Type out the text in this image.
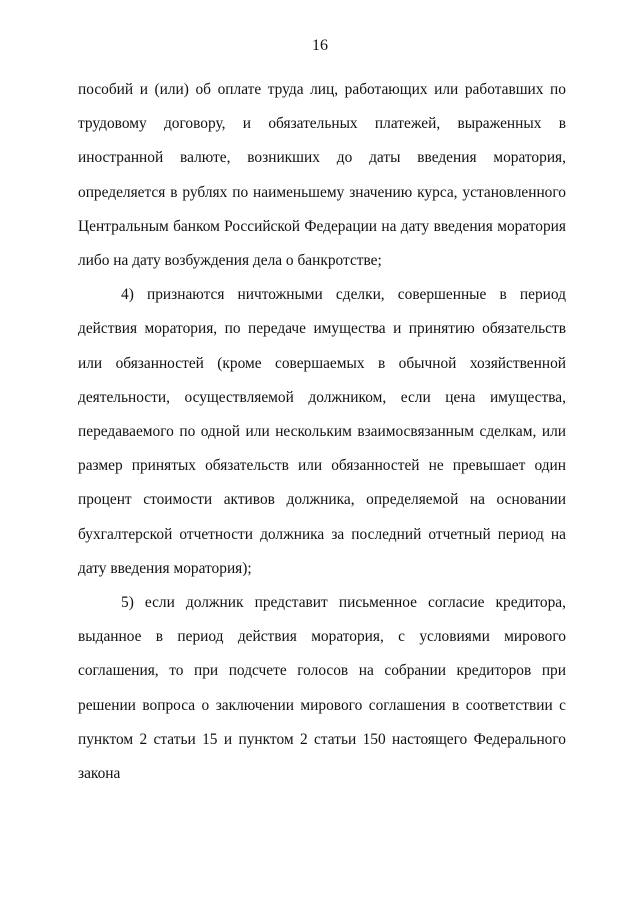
16

пособий и (или) об оплате труда лиц, работающих или работавших по трудовому договору, и обязательных платежей, выраженных в иностранной валюте, возникших до даты введения моратория, определяется в рублях по наименьшему значению курса, установленного Центральным банком Российской Федерации на дату введения моратория либо на дату возбуждения дела о банкротстве;

4) признаются ничтожными сделки, совершенные в период действия моратория, по передаче имущества и принятию обязательств или обязанностей (кроме совершаемых в обычной хозяйственной деятельности, осуществляемой должником, если цена имущества, передаваемого по одной или нескольким взаимосвязанным сделкам, или размер принятых обязательств или обязанностей не превышает один процент стоимости активов должника, определяемой на основании бухгалтерской отчетности должника за последний отчетный период на дату введения моратория);

5) если должник представит письменное согласие кредитора, выданное в период действия моратория, с условиями мирового соглашения, то при подсчете голосов на собрании кредиторов при решении вопроса о заключении мирового соглашения в соответствии с пунктом 2 статьи 15 и пунктом 2 статьи 150 настоящего Федерального закона
